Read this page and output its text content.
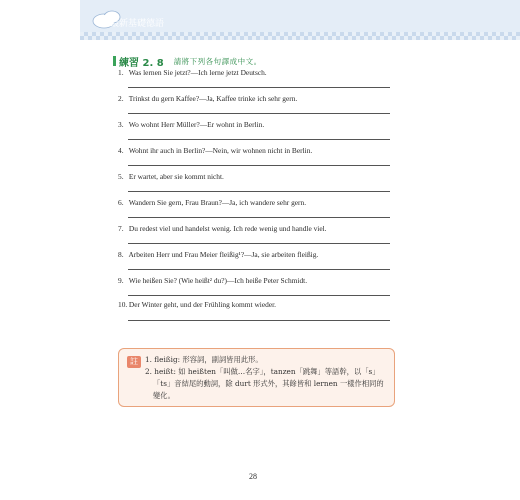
最新基礎德語
練習 2. 8 請將下列各句譯成中文。
1. Was lernen Sie jetzt?—Ich lerne jetzt Deutsch.
2. Trinkst du gern Kaffee?—Ja, Kaffee trinke ich sehr gern.
3. Wo wohnt Herr Müller?—Er wohnt in Berlin.
4. Wohnt ihr auch in Berlin?—Nein, wir wohnen nicht in Berlin.
5. Er wartet, aber sie kommt nicht.
6. Wandern Sie gern, Frau Braun?—Ja, ich wandere sehr gern.
7. Du redest viel und handelst wenig. Ich rede wenig und handle viel.
8. Arbeiten Herr und Frau Meier fleißig¹?—Ja, sie arbeiten fleißig.
9. Wie heißen Sie? (Wie heißt² du?)—Ich heiße Peter Schmidt.
10. Der Winter geht, und der Frühling kommt wieder.
註 1. fleißig: 形容詞，副詞皆用此形。
2. heißt: 如 heißten「叫做…名字」，tanzen「跳舞」等語幹，以「s」
「ts」音結尾的動詞，除 durt 形式外，其餘皆和 lernen 一樣作相同的
變化。
28
